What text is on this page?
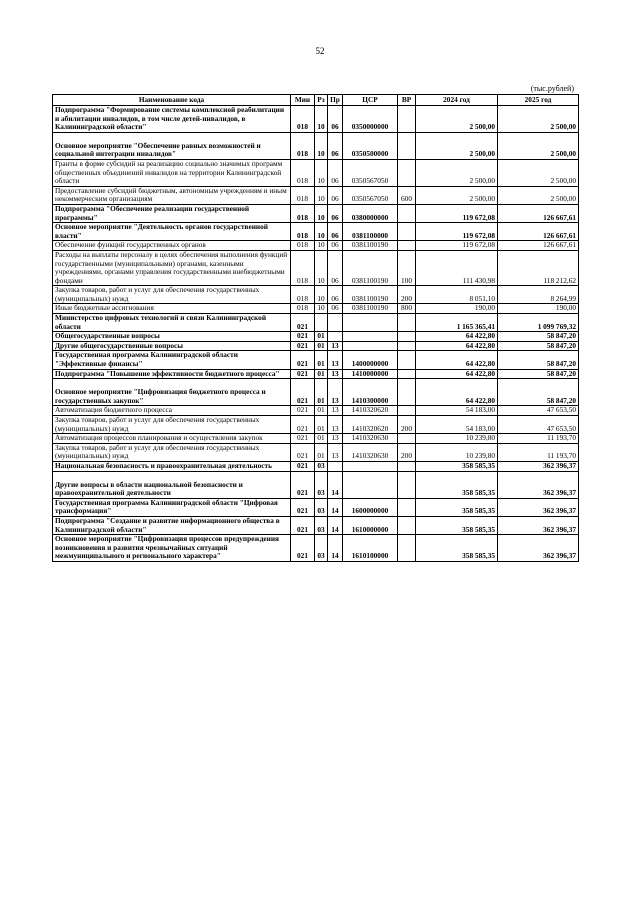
52
(тыс.рублей)
Наименование кода	Мин	Рз	Пр	ЦСР	ВР	2024 год	2025 год
Подпрограмма "Формирование системы комплексной реабилитации и абилитации инвалидов, в том числе детей-инвалидов, в Калининградской области"	018	10	06	0350000000		2 500,00	2 500,00
Основное мероприятие "Обеспечение равных возможностей и социальной интеграции инвалидов"	018	10	06	0350500000		2 500,00	2 500,00
Гранты в форме субсидий на реализацию социально значимых программ общественных объединений инвалидов на территории Калининградской области	018	10	06	0350567050		2 500,00	2 500,00
Предоставление субсидий бюджетным, автономным учреждениям и иным некоммерческим организациям	018	10	06	0350567050	600	2 500,00	2 500,00
Подпрограмма "Обеспечение реализации государственной программы"	018	10	06	0380000000		119 672,08	126 667,61
Основное мероприятие "Деятельность органов государственной власти"	018	10	06	0381100000		119 672,08	126 667,61
Обеспечение функций государственных органов	018	10	06	0381100190		119 672,08	126 667,61
Расходы на выплаты персоналу в целях обеспечения выполнения функций государственными (муниципальными) органами, казенными учреждениями, органами управления государственными внебюджетными фондами	018	10	06	0381100190	100	111 430,98	118 212,62
Закупка товаров, работ и услуг для обеспечения государственных (муниципальных) нужд	018	10	06	0381100190	200	8 051,10	8 264,99
Иные бюджетные ассигнования	018	10	06	0381100190	800	190,00	190,00
Министерство цифровых технологий и связи Калининградской области	021					1 165 365,41	1 099 769,32
Общегосударственные вопросы	021	01				64 422,80	58 847,20
Другие общегосударственные вопросы	021	01	13			64 422,80	58 847,20
Государственная программа Калининградской области "Эффективные финансы"	021	01	13	1400000000		64 422,80	58 847,20
Подпрограмма "Повышение эффективности бюджетного процесса"	021	01	13	1410000000		64 422,80	58 847,20
Основное мероприятие "Цифровизация бюджетного процесса и государственных закупок"	021	01	13	1410300000		64 422,80	58 847,20
Автоматизация бюджетного процесса	021	01	13	1410320620		54 183,00	47 653,50
Закупка товаров, работ и услуг для обеспечения государственных (муниципальных) нужд	021	01	13	1410320620	200	54 183,00	47 653,50
Автоматизация процессов планирования и осуществления закупок	021	01	13	1410320630		10 239,80	11 193,70
Закупка товаров, работ и услуг для обеспечения государственных (муниципальных) нужд	021	01	13	1410320630	200	10 239,80	11 193,70
Национальная безопасность и правоохранительная деятельность	021	03				358 585,35	362 396,37
Другие вопросы в области национальной безопасности и правоохранительной деятельности	021	03	14			358 585,35	362 396,37
Государственная программа Калининградской области "Цифровая трансформация"	021	03	14	1600000000		358 585,35	362 396,37
Подпрограмма "Создание и развитие информационного общества в Калининградской области"	021	03	14	1610000000		358 585,35	362 396,37
Основное мероприятие "Цифровизация процессов предупреждения возникновения и развития чрезвычайных ситуаций межмуниципального и регионального характера"	021	03	14	1610100000		358 585,35	362 396,37
